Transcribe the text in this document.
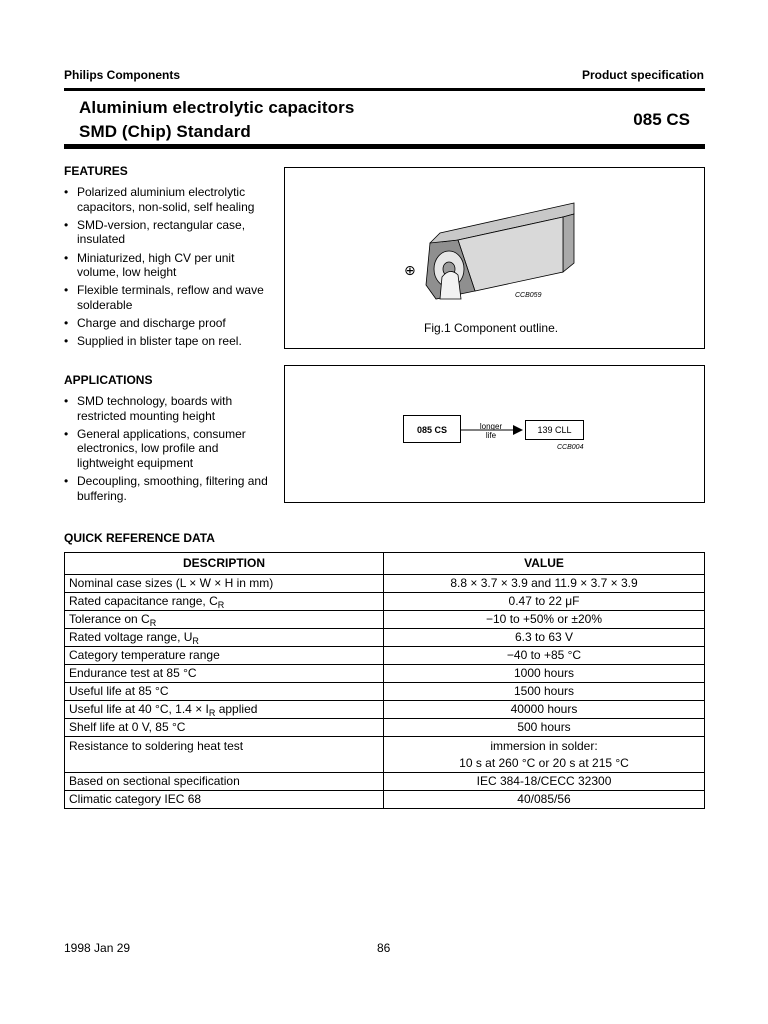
Philips Components	Product specification
Aluminium electrolytic capacitors
SMD (Chip) Standard
085 CS
FEATURES
• Polarized aluminium electrolytic capacitors, non-solid, self healing
• SMD-version, rectangular case, insulated
• Miniaturized, high CV per unit volume, low height
• Flexible terminals, reflow and wave solderable
• Charge and discharge proof
• Supplied in blister tape on reel.
APPLICATIONS
• SMD technology, boards with restricted mounting height
• General applications, consumer electronics, low profile and lightweight equipment
• Decoupling, smoothing, filtering and buffering.
⊕
CCB059
Fig.1 Component outline.
085 CS	longer
life
139 CLL
CCB004
QUICK REFERENCE DATA
DESCRIPTION	VALUE
Nominal case sizes (L × W × H in mm)	8.8 × 3.7 × 3.9 and 11.9 × 3.7 × 3.9
Rated capacitance range, $C_R$	0.47 to 22 μF
Tolerance on $C_R$	−10 to +50% or ±20%
Rated voltage range, $U_R$	6.3 to 63 V
Category temperature range	−40 to +85 °C
Endurance test at 85 °C	1000 hours
Useful life at 85 °C	1500 hours
Useful life at 40 °C, $1.4 \times I_R$ applied	40000 hours
Shelf life at 0 V, 85 °C	500 hours
Resistance to soldering heat test	immersion in solder:
10 s at 260 °C or 20 s at 215 °C

Based on sectional specification	IEC 384-18/CECC 32300
Climatic category IEC 68	40/085/56
1998 Jan 29	86
